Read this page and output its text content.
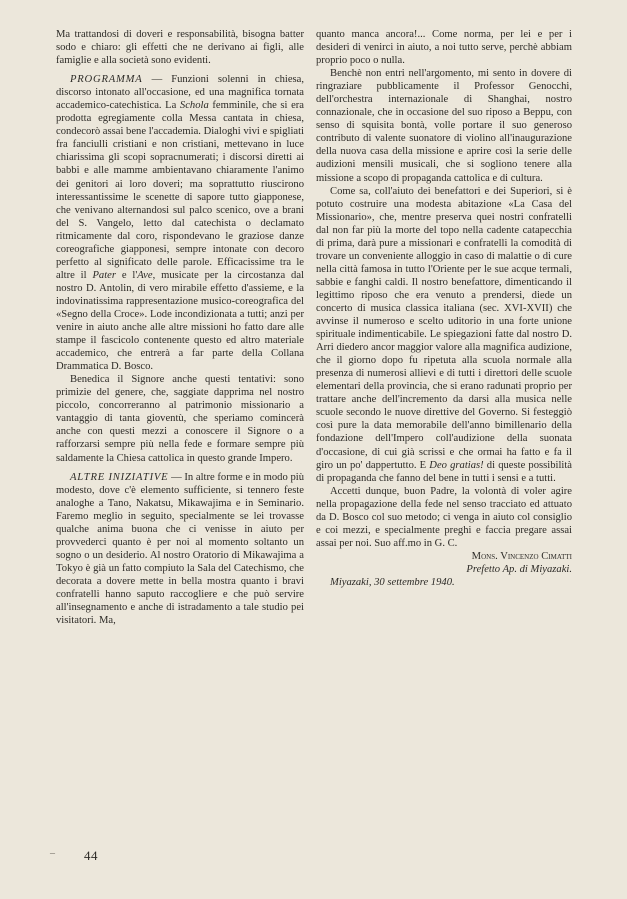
Ma trattandosi di doveri e responsabilità, bisogna batter sodo e chiaro: gli effetti che ne derivano ai figli, alle famiglie e alla società sono evidenti.

PROGRAMMA — Funzioni solenni in chiesa, discorso intonato all'occasione, ed una magnifica tornata accademico-catechistica. La Schola femminile, che si era prodotta egregiamente colla Messa cantata in chiesa, condecorò assai bene l'accademia. Dialoghi vivi e spigliati fra fanciulli cristiani e non cristiani, mettevano in luce chiarissima gli scopi sopracnumerati; i discorsi diretti ai babbi e alle mamme ambientavano chiaramente l'animo dei genitori ai loro doveri; ma soprattutto riuscirono interessantissime le scenette di sapore tutto giapponese, che venivano alternandosi sul palco scenico, ove a brani del S. Vangelo, letto dal catechista o declamato ritmicamente dal coro, rispondevano le graziose danze coreografiche giapponesi, sempre intonate con decoro perfetto al significato delle parole. Efficacissime tra le altre il Pater e l'Ave, musicate per la circostanza dal nostro D. Antolin, di vero mirabile effetto d'assieme, e la indovinatissima rappresentazione musico-coreografica del «Segno della Croce». Lode incondizionata a tutti; anzi per venire in aiuto anche alle altre missioni ho fatto dare alle stampe il fascicolo contenente questo ed altro materiale accademico, che entrerà a far parte della Collana Drammatica D. Bosco.

Benedica il Signore anche questi tentativi: sono primizie del genere, che, saggiate dapprima nel nostro piccolo, concorreranno al patrimonio missionario a vantaggio di tanta gioventù, che speriamo comincerà anche con questi mezzi a conoscere il Signore o a rafforzarsi sempre più nella fede e formare sempre più saldamente la Chiesa cattolica in questo grande Impero.

ALTRE INIZIATIVE — In altre forme e in modo più modesto, dove c'è elemento sufficiente, si tennero feste analoghe a Tano, Nakatsu, Mikawajima e in Seminario. Faremo meglio in seguito, specialmente se lei trovasse qualche anima buona che ci venisse in aiuto per provvederci quanto è per noi al momento soltanto un sogno o un desiderio. Al nostro Oratorio di Mikawajima a Tokyo è già un fatto compiuto la Sala del Catechismo, che decorata a dovere mette in bella mostra quanto i bravi confratelli hanno saputo raccogliere e che può servire all'insegnamento e anche di istradamento a tale studio pei visitatori. Ma,

quanto manca ancora!... Come norma, per lei e per i desideri di venirci in aiuto, a noi tutto serve, perchè abbiam proprio poco o nulla.

Benchè non entri nell'argomento, mi sento in dovere di ringraziare pubblicamente il Professor Genocchi, dell'orchestra internazionale di Shanghai, nostro connazionale, che in occasione del suo riposo a Beppu, con senso di squisita bontà, volle portare il suo generoso contributo di valente suonatore di violino all'inaugurazione della nuova casa della missione e aprire così la serie delle audizioni mensili musicali, che si sogliono tenere alla missione a scopo di propaganda cattolica e di cultura.

Come sa, coll'aiuto dei benefattori e dei Superiori, si è potuto costruire una modesta abitazione «La Casa del Missionario», che, mentre preserva quei nostri confratelli dal non far più la morte del topo nella cadente catapecchia di prima, darà pure a missionari e confratelli la comodità di trovare un conveniente alloggio in caso di malattie o di cure nella città famosa in tutto l'Oriente per le sue acque termali, sabbie e fanghi caldi. Il nostro benefattore, dimenticando il legittimo riposo che era venuto a prendersi, diede un concerto di musica classica italiana (sec. XVI-XVII) che avvinse il numeroso e scelto uditorio in una forte unione spirituale indimenticabile. Le spiegazioni fatte dal nostro D. Arri diedero ancor maggior valore alla magnifica audizione, che il giorno dopo fu ripetuta alla scuola normale alla presenza di numerosi allievi e di tutti i direttori delle scuole elementari della provincia, che si erano radunati proprio per trattare anche dell'incremento da darsi alla musica nelle scuole secondo le nuove direttive del Governo. Si festeggiò così pure la data memorabile dell'anno bimillenario della fondazione dell'Impero coll'audizione della suonata d'occasione, di cui già scrissi e che ormai ha fatto e fa il giro un po' dappertutto. E Deo gratias! di queste possibilità di propaganda che fanno del bene in tutti i sensi e a tutti.

Accetti dunque, buon Padre, la volontà di voler agire nella propagazione della fede nel senso tracciato ed attuato da D. Bosco col suo metodo; ci venga in aiuto col consiglio e coi mezzi, e specialmente preghi e faccia pregare assai assai per noi. Suo aff.mo in G. C.

Mons. Vincenzo Cimatti

Prefetto Ap. di Miyazaki.

Miyazaki, 30 settembre 1940.

– 44
